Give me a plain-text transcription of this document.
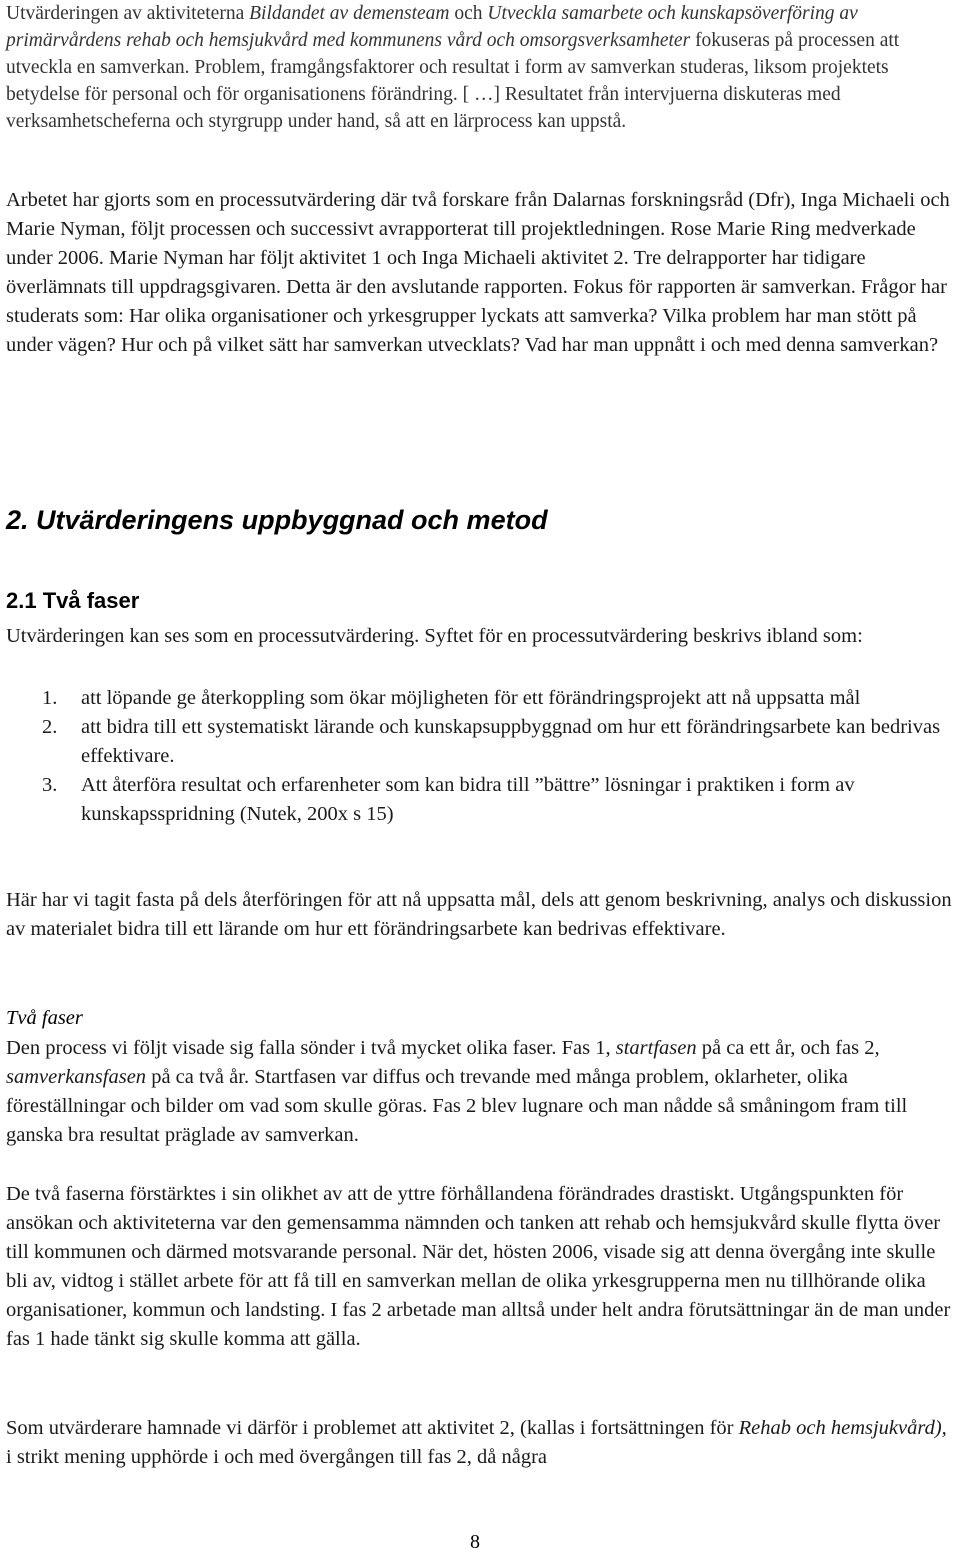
Utvärderingen av aktiviteterna Bildandet av demensteam och Utveckla samarbete och kunskapsöverföring av primärvårdens rehab och hemsjukvård med kommunens vård och omsorgsverksamheter fokuseras på processen att utveckla en samverkan. Problem, framgångsfaktorer och resultat i form av samverkan studeras, liksom projektets betydelse för personal och för organisationens förändring. [ …] Resultatet från intervjuerna diskuteras med verksamhetscheferna och styrgrupp under hand, så att en lärprocess kan uppstå.

Arbetet har gjorts som en processutvärdering där två forskare från Dalarnas forskningsråd (Dfr), Inga Michaeli och Marie Nyman, följt processen och successivt avrapporterat till projektledningen. Rose Marie Ring medverkade under 2006. Marie Nyman har följt aktivitet 1 och Inga Michaeli aktivitet 2. Tre delrapporter har tidigare överlämnats till uppdragsgivaren. Detta är den avslutande rapporten. Fokus för rapporten är samverkan. Frågor har studerats som: Har olika organisationer och yrkesgrupper lyckats att samverka? Vilka problem har man stött på under vägen? Hur och på vilket sätt har samverkan utvecklats? Vad har man uppnått i och med denna samverkan?

2. Utvärderingens uppbyggnad och metod
2.1 Två faser

Utvärderingen kan ses som en processutvärdering. Syftet för en processutvärdering beskrivs ibland som:

1. att löpande ge återkoppling som ökar möjligheten för ett förändringsprojekt att nå uppsatta mål
2. att bidra till ett systematiskt lärande och kunskapsuppbyggnad om hur ett förändringsarbete kan bedrivas effektivare.
3. Att återföra resultat och erfarenheter som kan bidra till ”bättre” lösningar i praktiken i form av kunskapsspridning (Nutek, 200x s 15)

Här har vi tagit fasta på dels återföringen för att nå uppsatta mål, dels att genom beskrivning, analys och diskussion av materialet bidra till ett lärande om hur ett förändringsarbete kan bedrivas effektivare.

Två faser

Den process vi följt visade sig falla sönder i två mycket olika faser. Fas 1, startfasen på ca ett år, och fas 2, samverkansfasen på ca två år. Startfasen var diffus och trevande med många problem, oklarheter, olika föreställningar och bilder om vad som skulle göras. Fas 2 blev lugnare och man nådde så småningom fram till ganska bra resultat präglade av samverkan.

De två faserna förstärktes i sin olikhet av att de yttre förhållandena förändrades drastiskt. Utgångspunkten för ansökan och aktiviteterna var den gemensamma nämnden och tanken att rehab och hemsjukvård skulle flytta över till kommunen och därmed motsvarande personal. När det, hösten 2006, visade sig att denna övergång inte skulle bli av, vidtog i stället arbete för att få till en samverkan mellan de olika yrkesgrupperna men nu tillhörande olika organisationer, kommun och landsting. I fas 2 arbetade man alltså under helt andra förutsättningar än de man under fas 1 hade tänkt sig skulle komma att gälla.

Som utvärderare hamnade vi därför i problemet att aktivitet 2, (kallas i fortsättningen för Rehab och hemsjukvård), i strikt mening upphörde i och med övergången till fas 2, då några

8
